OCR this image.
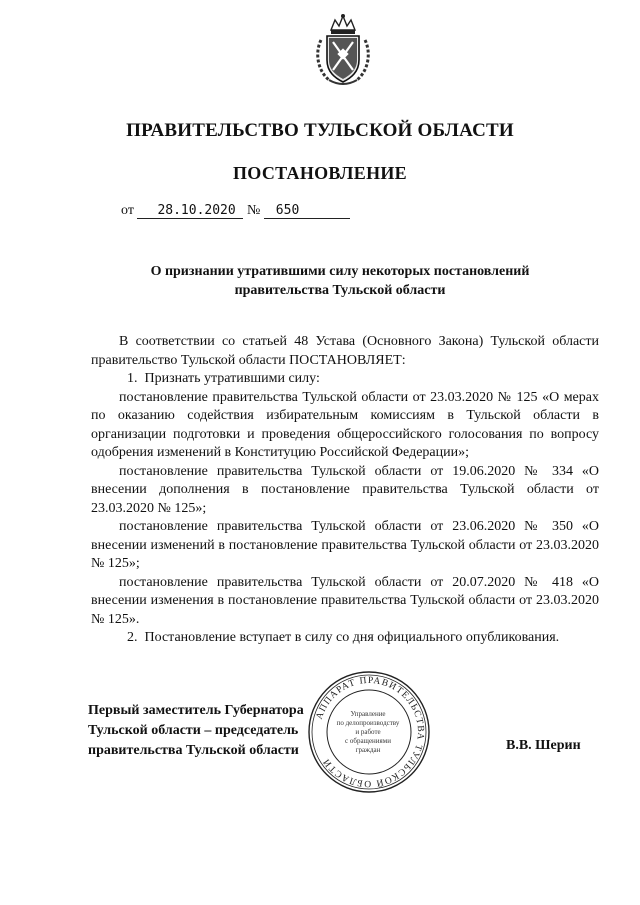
ПРАВИТЕЛЬСТВО ТУЛЬСКОЙ ОБЛАСТИ
ПОСТАНОВЛЕНИЕ
от 28.10.2020 № 650
О признании утратившими силу некоторых постановлений правительства Тульской области

В соответствии со статьей 48 Устава (Основного Закона) Тульской области правительство Тульской области ПОСТАНОВЛЯЕТ:

1.  Признать утратившими силу:

постановление правительства Тульской области от 23.03.2020 № 125 «О мерах по оказанию содействия избирательным комиссиям в Тульской области в организации подготовки и проведения общероссийского голосования по вопросу одобрения изменений в Конституцию Российской Федерации»;

постановление правительства Тульской области от 19.06.2020 № 334 «О внесении дополнения в постановление правительства Тульской области от 23.03.2020 № 125»;

постановление правительства Тульской области от 23.06.2020 № 350 «О внесении изменений в постановление правительства Тульской области от 23.03.2020 № 125»;

постановление правительства Тульской области от 20.07.2020 № 418 «О внесении изменения в постановление правительства Тульской области от 23.03.2020 № 125».

2.  Постановление вступает в силу со дня официального опубликования.

Первый заместитель Губернатора
Тульской области – председатель
правительства Тульской области	В.В. Шерин
АППАРАТ ПРАВИТЕЛЬСТВА ТУЛЬСКОЙ ОБЛАСТИ
Управление
по делопроизводству
и работе
с обращениями
граждан
